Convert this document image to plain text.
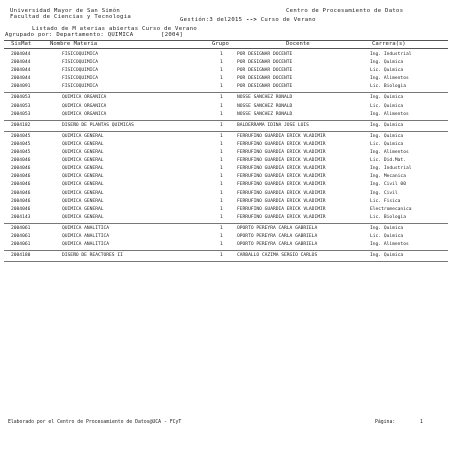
Universidad Mayor de San Simón
Facultad de Ciencias y Tecnologia
Centro de Procesamiento de Datos
Gestión:3 del2015 --> Curso de Verano
Listado de M aterias abiertas Curso de Verano
Agrupado por: Departamento: QUIMICA	[2004]
SisMat	Nombre Materia	Grupo	Docente	Carrera(s)
2004044	FISICOQUIMICA	1	POR DESIGNAR DOCENTE	Ing. Industrial
2004044	FISICOQUIMICA	1	POR DESIGNAR DOCENTE	Ing. Quimica
2004044	FISICOQUIMICA	1	POR DESIGNAR DOCENTE	Lic. Quimica
2004044	FISICOQUIMICA	1	POR DESIGNAR DOCENTE	Ing. Alimentos
2004091	FISICOQUIMICA	1	POR DESIGNAR DOCENTE	Lic. Biologia
2004053	QUIMICA ORGANICA	1	NOSSE SANCHEZ RONALD	Ing. Quimica
2004053	QUIMICA ORGANICA	1	NOSSE SANCHEZ RONALD	Lic. Quimica
2004053	QUIMICA ORGANICA	1	NOSSE SANCHEZ RONALD	Ing. Alimentos
2004182	DISEÑO DE PLANTAS QUIMICAS	1	BALDERRAMA IDINA JOSE LUIS	Ing. Quimica
2004045	QUIMICA GENERAL	1	FERRUFINO GUARDIA ERICK VLADIMIR	Ing. Quimica
2004045	QUIMICA GENERAL	1	FERRUFINO GUARDIA ERICK VLADIMIR	Lic. Quimica
2004045	QUIMICA GENERAL	1	FERRUFINO GUARDIA ERICK VLADIMIR	Ing. Alimentos
2004046	QUIMICA GENERAL	1	FERRUFINO GUARDIA ERICK VLADIMIR	Lic. Did.Mat.
2004046	QUIMICA GENERAL	1	FERRUFINO GUARDIA ERICK VLADIMIR	Ing. Industrial
2004046	QUIMICA GENERAL	1	FERRUFINO GUARDIA ERICK VLADIMIR	Ing. Mecanica
2004046	QUIMICA GENERAL	1	FERRUFINO GUARDIA ERICK VLADIMIR	Ing. Civil 00
2004046	QUIMICA GENERAL	1	FERRUFINO GUARDIA ERICK VLADIMIR	Ing. Civil
2004046	QUIMICA GENERAL	1	FERRUFINO GUARDIA ERICK VLADIMIR	Lic. Fisica
2004046	QUIMICA GENERAL	1	FERRUFINO GUARDIA ERICK VLADIMIR	Electromecanica
2004143	QUIMICA GENERAL	1	FERRUFINO GUARDIA ERICK VLADIMIR	Lic. Biologia
2004061	QUIMICA ANALITICA	1	OPORTO PEREYRA CARLA GABRIELA	Ing. Quimica
2004061	QUIMICA ANALITICA	1	OPORTO PEREYRA CARLA GABRIELA	Lic. Quimica
2004061	QUIMICA ANALITICA	1	OPORTO PEREYRA CARLA GABRIELA	Ing. Alimentos
2004180	DISEÑO DE REACTORES II	1	CARBALLO CAZIMA SERGIO CARLOS	Ing. Quimica
Elaborado por el Centro de Procesamiento de Datos@UCA - FCyT	Página:	1
